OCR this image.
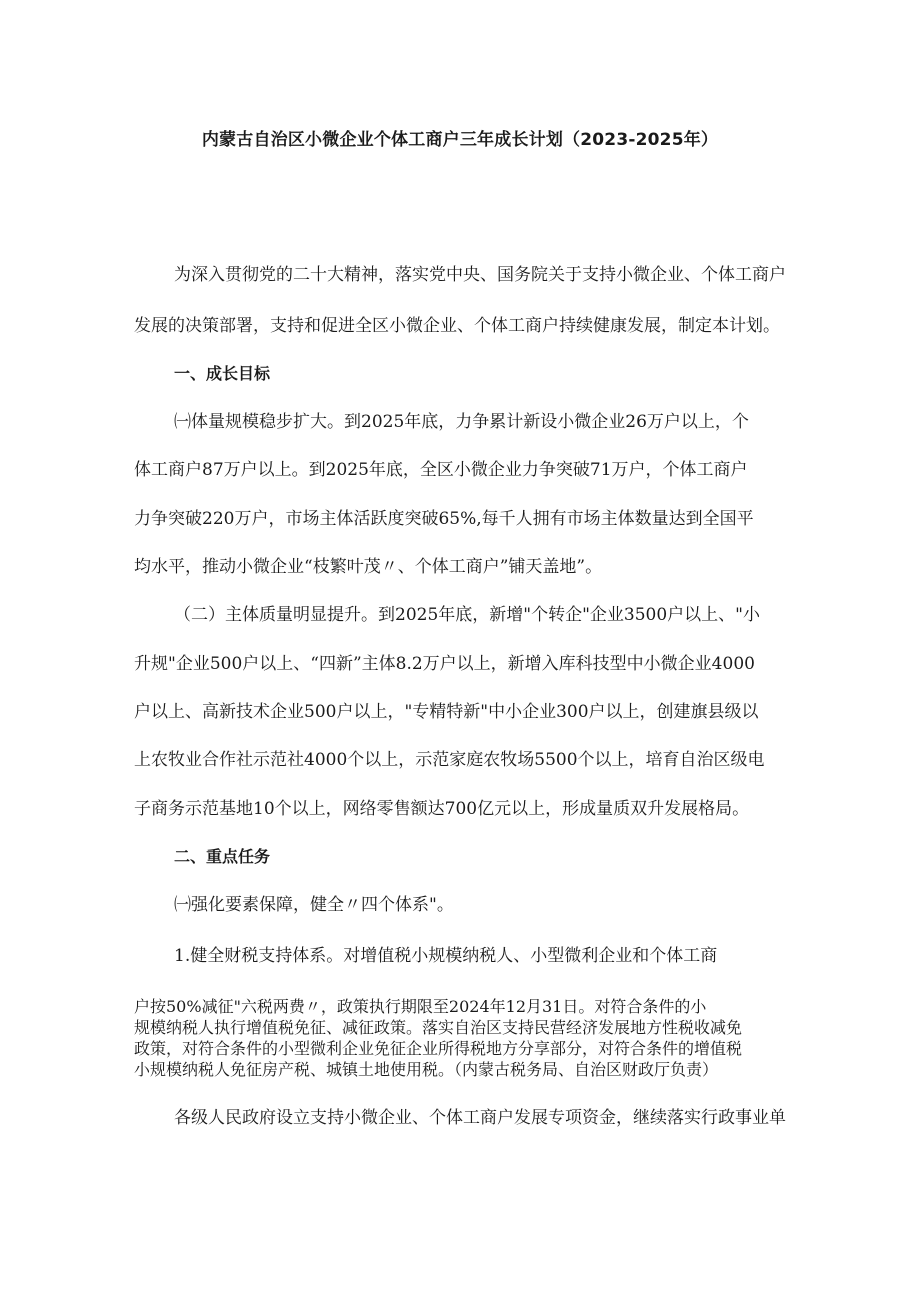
内蒙古自治区小微企业个体工商户三年成长计划（2023-2025年）
为深入贯彻党的二十大精神，落实党中央、国务院关于支持小微企业、个体工商户
发展的决策部署，支持和促进全区小微企业、个体工商户持续健康发展，制定本计划。
一、成长目标
㈠体量规模稳步扩大。到2025年底，力争累计新设小微企业26万户以上，个
体工商户87万户以上。到2025年底，全区小微企业力争突破71万户，个体工商户
力争突破220万户，市场主体活跃度突破65%,每千人拥有市场主体数量达到全国平
均水平，推动小微企业“枝繁叶茂〃、个体工商户”铺天盖地”。
（二）主体质量明显提升。到2025年底，新增"个转企"企业3500户以上、"小
升规"企业500户以上、“四新”主体8.2万户以上，新增入库科技型中小微企业4000
户以上、高新技术企业500户以上，"专精特新"中小企业300户以上，创建旗县级以
上农牧业合作社示范社4000个以上，示范家庭农牧场5500个以上，培育自治区级电
子商务示范基地10个以上，网络零售额达700亿元以上，形成量质双升发展格局。
二、重点任务
㈠强化要素保障，健全〃四个体系"。
1.健全财税支持体系。对增值税小规模纳税人、小型微利企业和个体工商
户按50%减征"六税两费〃，政策执行期限至2024年12月31日。对符合条件的小
规模纳税人执行增值税免征、减征政策。落实自治区支持民营经济发展地方性税收减免
政策，对符合条件的小型微利企业免征企业所得税地方分享部分，对符合条件的增值税
小规模纳税人免征房产税、城镇土地使用税。（内蒙古税务局、自治区财政厅负责）
各级人民政府设立支持小微企业、个体工商户发展专项资金，继续落实行政事业单
